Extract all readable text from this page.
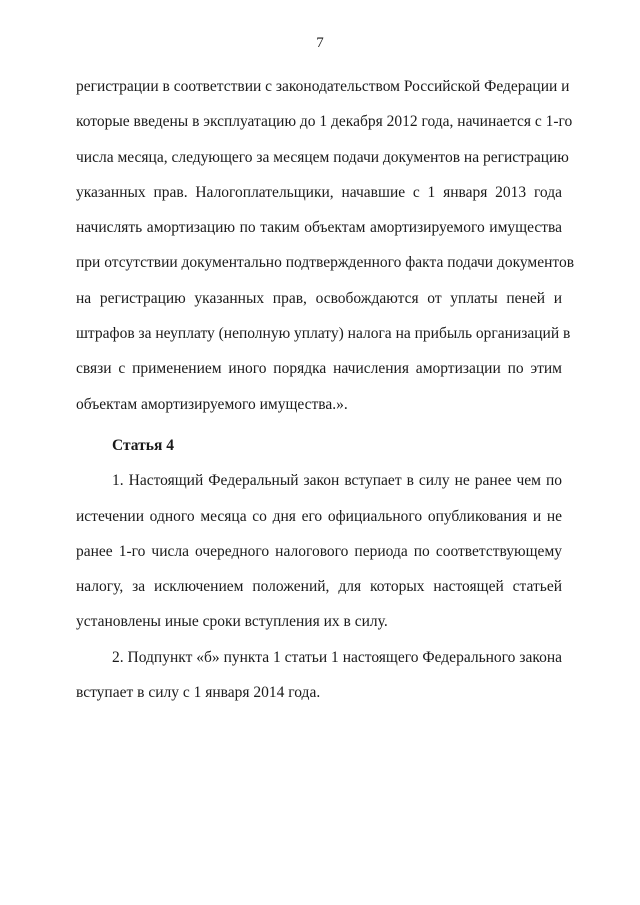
7
регистрации в соответствии с законодательством Российской Федерации и
которые введены в эксплуатацию до 1 декабря 2012 года, начинается с 1-го
числа месяца, следующего за месяцем подачи документов на регистрацию
указанных прав. Налогоплательщики, начавшие с 1 января 2013 года
начислять амортизацию по таким объектам амортизируемого имущества
при отсутствии документально подтвержденного факта подачи документов
на регистрацию указанных прав, освобождаются от уплаты пеней и
штрафов за неуплату (неполную уплату) налога на прибыль организаций в
связи с применением иного порядка начисления амортизации по этим
объектам амортизируемого имущества.».
Статья 4
1. Настоящий Федеральный закон вступает в силу не ранее чем по
истечении одного месяца со дня его официального опубликования и не
ранее 1-го числа очередного налогового периода по соответствующему
налогу, за исключением положений, для которых настоящей статьей
установлены иные сроки вступления их в силу.
2. Подпункт «б» пункта 1 статьи 1 настоящего Федерального закона
вступает в силу с 1 января 2014 года.
